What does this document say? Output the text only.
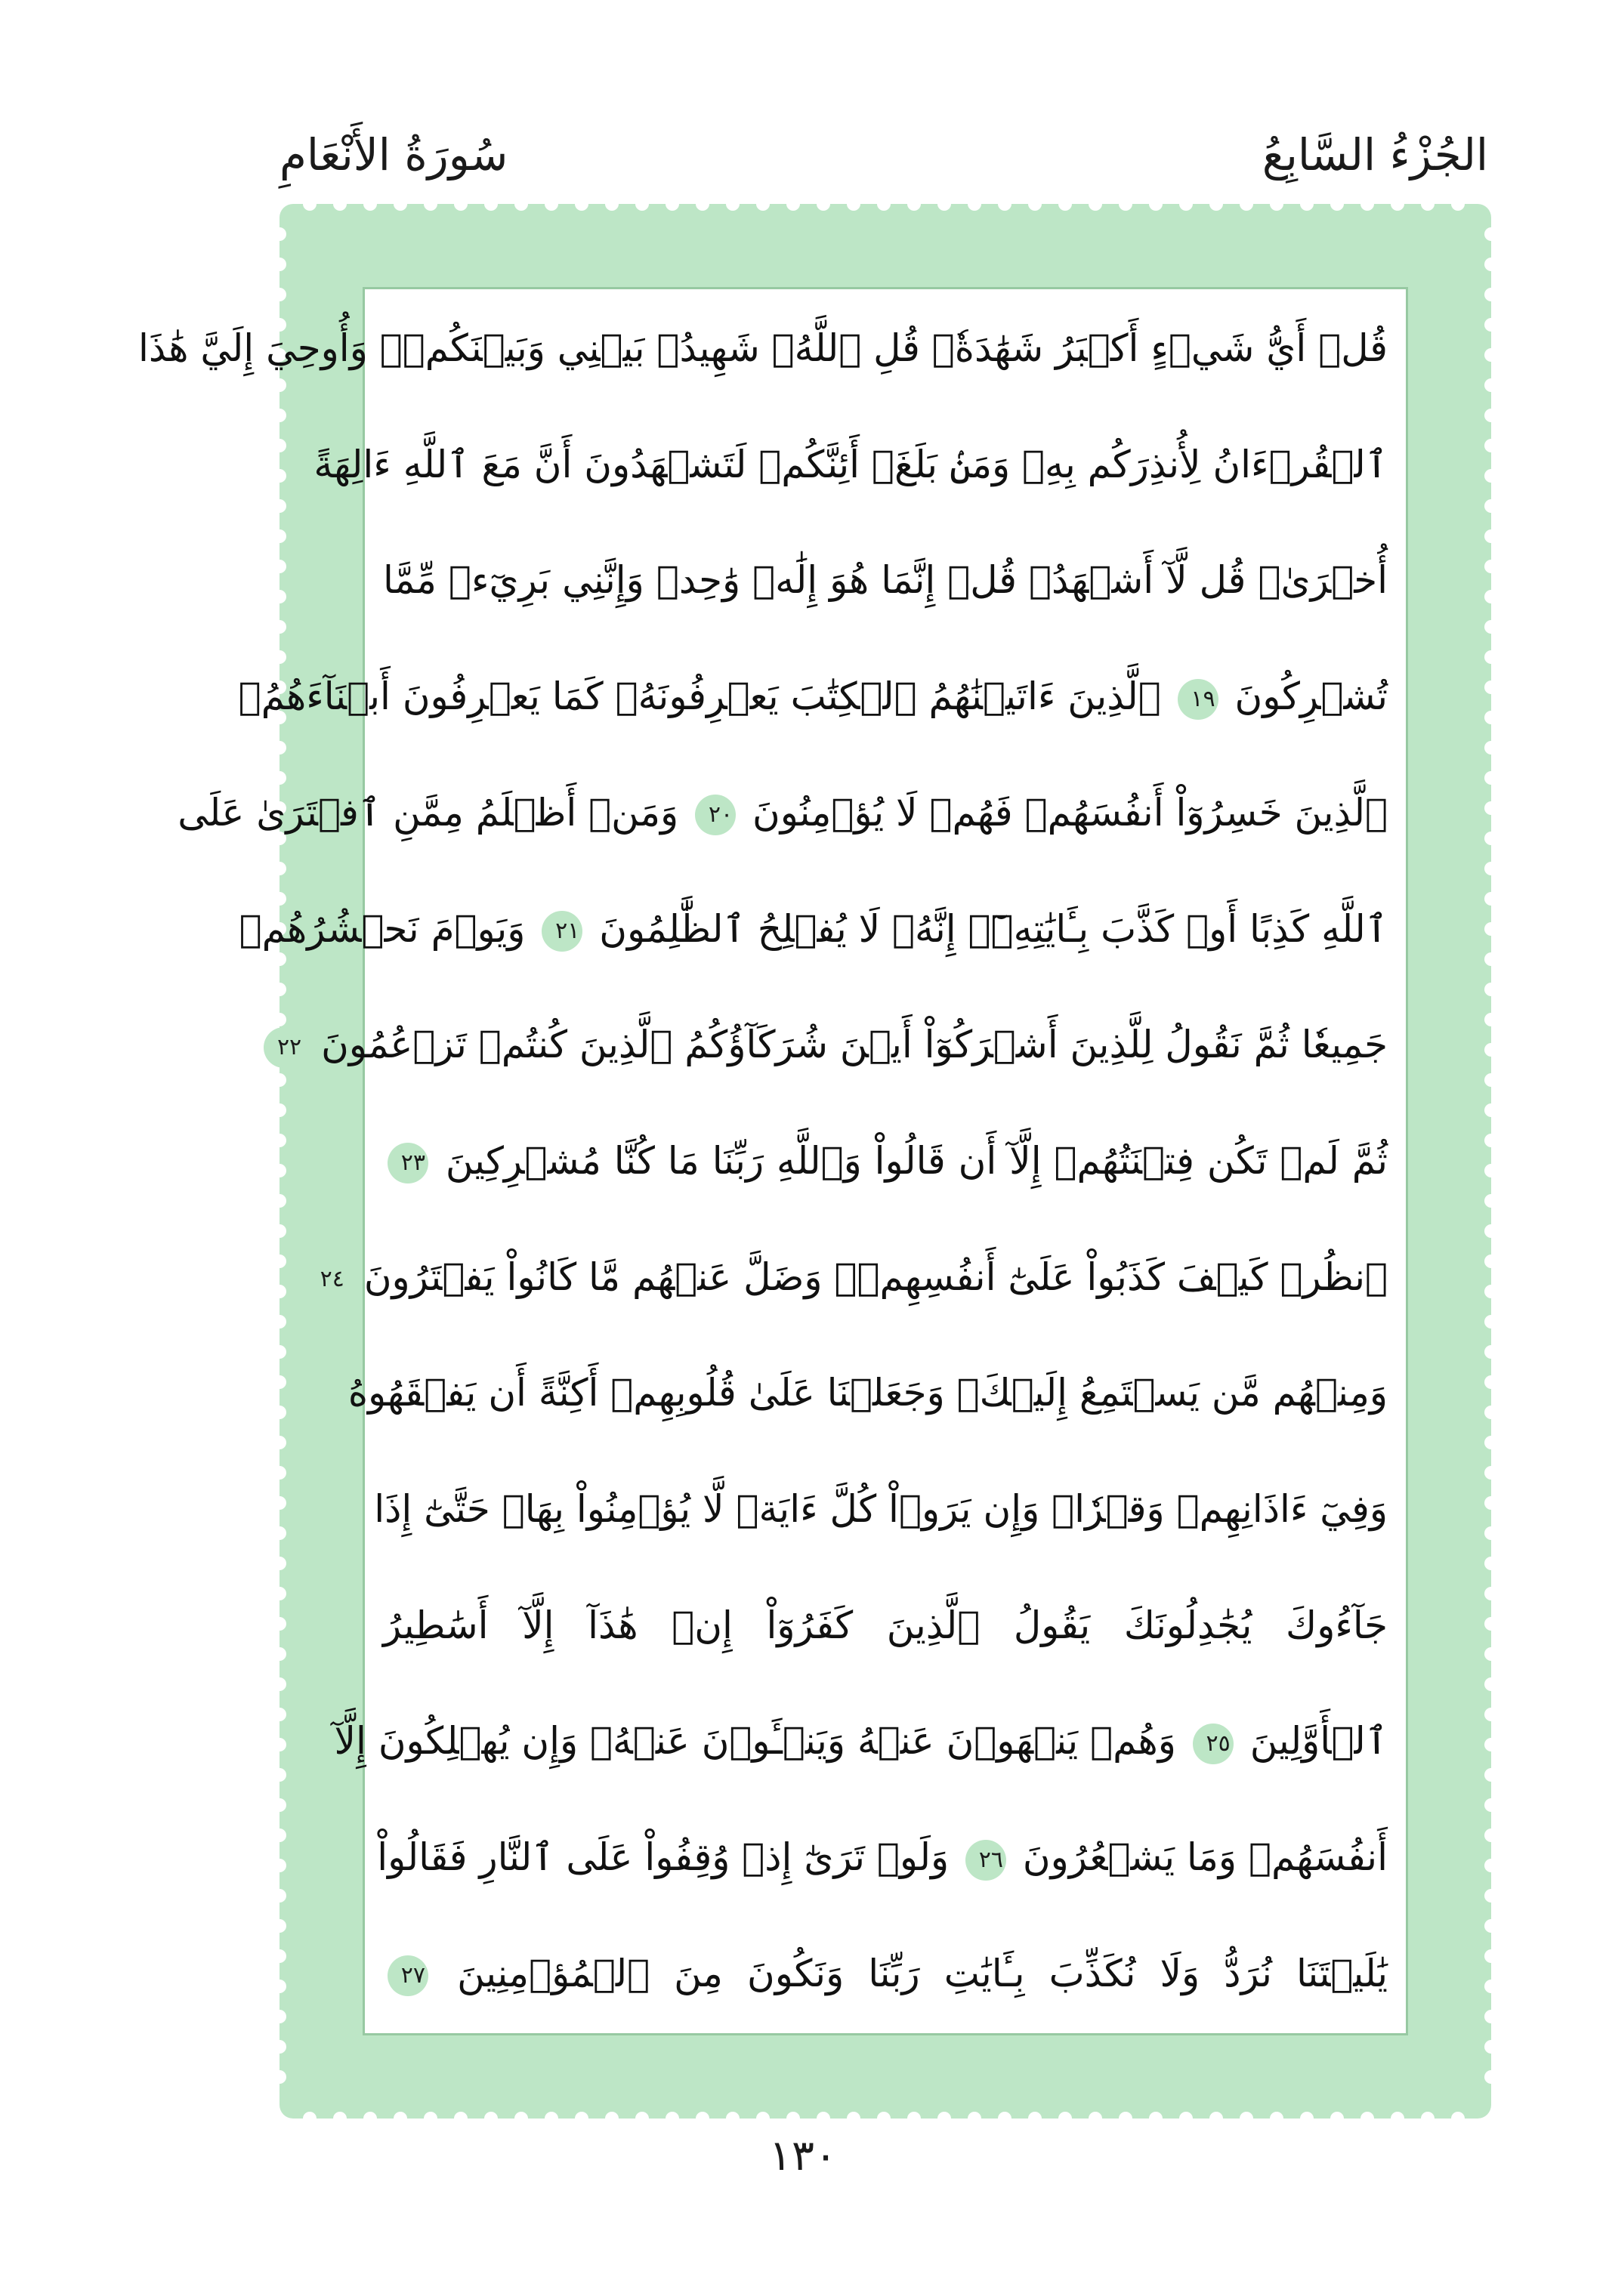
الجُزْءُ السَّابِعُ
سُورَةُ الأَنْعَامِ
قُلۡ أَيُّ شَيۡءٍ أَكۡبَرُ شَهَٰدَةٗۖ قُلِ ٱللَّهُۖ شَهِيدُۢ بَيۡنِي وَبَيۡنَكُمۡۚ وَأُوحِيَ إِلَيَّ هَٰذَا
ٱلۡقُرۡءَانُ لِأُنذِرَكُم بِهِۦ وَمَنۢ بَلَغَۚ أَئِنَّكُمۡ لَتَشۡهَدُونَ أَنَّ مَعَ ٱللَّهِ ءَالِهَةً
أُخۡرَىٰۚ قُل لَّآ أَشۡهَدُۚ قُلۡ إِنَّمَا هُوَ إِلَٰهٞ وَٰحِدٞ وَإِنَّنِي بَرِيٓءٞ مِّمَّا
تُشۡرِكُونَ ١٩ ٱلَّذِينَ ءَاتَيۡنَٰهُمُ ٱلۡكِتَٰبَ يَعۡرِفُونَهُۥ كَمَا يَعۡرِفُونَ أَبۡنَآءَهُمُۘ
ٱلَّذِينَ خَسِرُوٓاْ أَنفُسَهُمۡ فَهُمۡ لَا يُؤۡمِنُونَ ٢٠ وَمَنۡ أَظۡلَمُ مِمَّنِ ٱفۡتَرَىٰ عَلَى
ٱللَّهِ كَذِبًا أَوۡ كَذَّبَ بِـَٔايَٰتِهِۦٓۚ إِنَّهُۥ لَا يُفۡلِحُ ٱلظَّٰلِمُونَ ٢١ وَيَوۡمَ نَحۡشُرُهُمۡ
جَمِيعٗا ثُمَّ نَقُولُ لِلَّذِينَ أَشۡرَكُوٓاْ أَيۡنَ شُرَكَآؤُكُمُ ٱلَّذِينَ كُنتُمۡ تَزۡعُمُونَ ٢٢
ثُمَّ لَمۡ تَكُن فِتۡنَتُهُمۡ إِلَّآ أَن قَالُواْ وَٱللَّهِ رَبِّنَا مَا كُنَّا مُشۡرِكِينَ ٢٣
ٱنظُرۡ كَيۡفَ كَذَبُواْ عَلَىٰٓ أَنفُسِهِمۡۚ وَضَلَّ عَنۡهُم مَّا كَانُواْ يَفۡتَرُونَ ٢٤
وَمِنۡهُم مَّن يَسۡتَمِعُ إِلَيۡكَۖ وَجَعَلۡنَا عَلَىٰ قُلُوبِهِمۡ أَكِنَّةً أَن يَفۡقَهُوهُ
وَفِيٓ ءَاذَانِهِمۡ وَقۡرٗاۚ وَإِن يَرَوۡاْ كُلَّ ءَايَةٖ لَّا يُؤۡمِنُواْ بِهَاۖ حَتَّىٰٓ إِذَا
جَآءُوكَ يُجَٰدِلُونَكَ يَقُولُ ٱلَّذِينَ كَفَرُوٓاْ إِنۡ هَٰذَآ إِلَّآ أَسَٰطِيرُ
ٱلۡأَوَّلِينَ ٢٥ وَهُمۡ يَنۡهَوۡنَ عَنۡهُ وَيَنۡـَٔوۡنَ عَنۡهُۖ وَإِن يُهۡلِكُونَ إِلَّآ
أَنفُسَهُمۡ وَمَا يَشۡعُرُونَ ٢٦ وَلَوۡ تَرَىٰٓ إِذۡ وُقِفُواْ عَلَى ٱلنَّارِ فَقَالُواْ
يَٰلَيۡتَنَا نُرَدُّ وَلَا نُكَذِّبَ بِـَٔايَٰتِ رَبِّنَا وَنَكُونَ مِنَ ٱلۡمُؤۡمِنِينَ ٢٧
١٣٠
